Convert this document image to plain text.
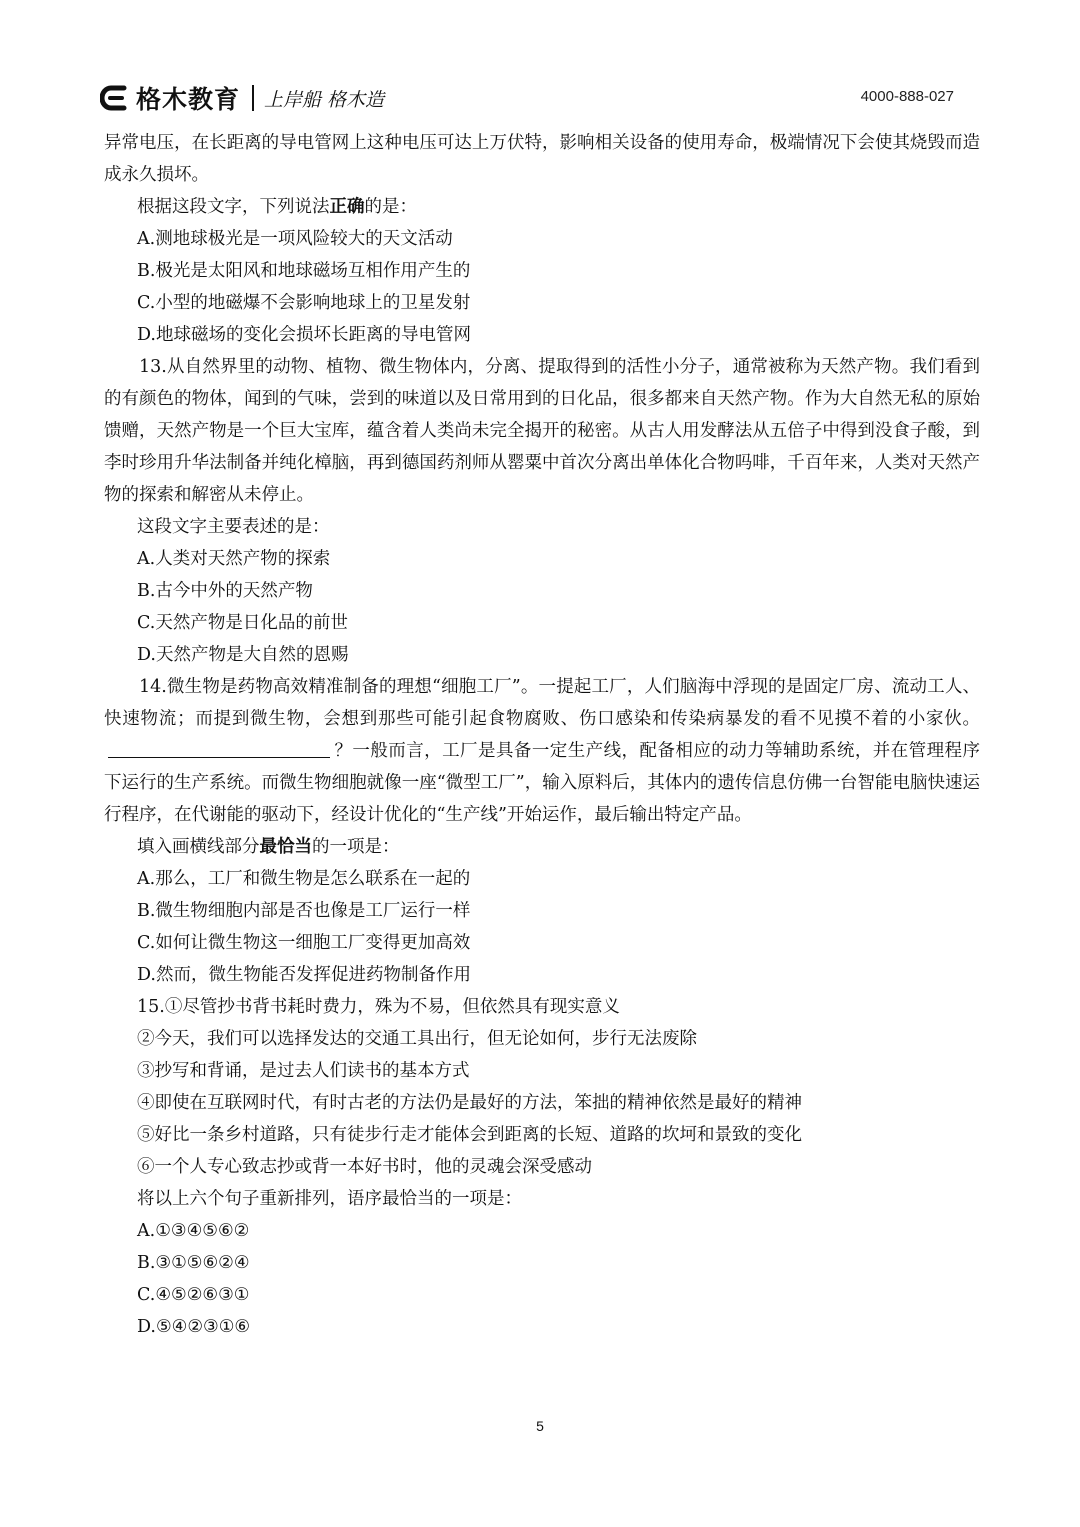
格木教育 上岸船 格木造	4000-888-027

异常电压，在长距离的导电管网上这种电压可达上万伏特，影响相关设备的使用寿命，极端情况下会使其烧毁而造成永久损坏。

根据这段文字，下列说法正确的是：

A.测地球极光是一项风险较大的天文活动

B.极光是太阳风和地球磁场互相作用产生的

C.小型的地磁爆不会影响地球上的卫星发射

D.地球磁场的变化会损坏长距离的导电管网

13.从自然界里的动物、植物、微生物体内，分离、提取得到的活性小分子，通常被称为天然产物。我们看到的有颜色的物体，闻到的气味，尝到的味道以及日常用到的日化品，很多都来自天然产物。作为大自然无私的原始馈赠，天然产物是一个巨大宝库，蕴含着人类尚未完全揭开的秘密。从古人用发酵法从五倍子中得到没食子酸，到李时珍用升华法制备并纯化樟脑，再到德国药剂师从罂粟中首次分离出单体化合物吗啡，千百年来，人类对天然产物的探索和解密从未停止。

这段文字主要表述的是：

A.人类对天然产物的探索

B.古今中外的天然产物

C.天然产物是日化品的前世

D.天然产物是大自然的恩赐

14.微生物是药物高效精准制备的理想“细胞工厂”。一提起工厂，人们脑海中浮现的是固定厂房、流动工人、快速物流；而提到微生物，会想到那些可能引起食物腐败、伤口感染和传染病暴发的看不见摸不着的小家伙。？一般而言，工厂是具备一定生产线，配备相应的动力等辅助系统，并在管理程序下运行的生产系统。而微生物细胞就像一座“微型工厂”，输入原料后，其体内的遗传信息仿佛一台智能电脑快速运行程序，在代谢能的驱动下，经设计优化的“生产线”开始运作，最后输出特定产品。

填入画横线部分最恰当的一项是：

A.那么，工厂和微生物是怎么联系在一起的

B.微生物细胞内部是否也像是工厂运行一样

C.如何让微生物这一细胞工厂变得更加高效

D.然而，微生物能否发挥促进药物制备作用

15.①尽管抄书背书耗时费力，殊为不易，但依然具有现实意义

②今天，我们可以选择发达的交通工具出行，但无论如何，步行无法废除

③抄写和背诵，是过去人们读书的基本方式

④即使在互联网时代，有时古老的方法仍是最好的方法，笨拙的精神依然是最好的精神

⑤好比一条乡村道路，只有徒步行走才能体会到距离的长短、道路的坎坷和景致的变化

⑥一个人专心致志抄或背一本好书时，他的灵魂会深受感动

将以上六个句子重新排列，语序最恰当的一项是：

A.①③④⑤⑥②

B.③①⑤⑥②④

C.④⑤②⑥③①

D.⑤④②③①⑥

5
